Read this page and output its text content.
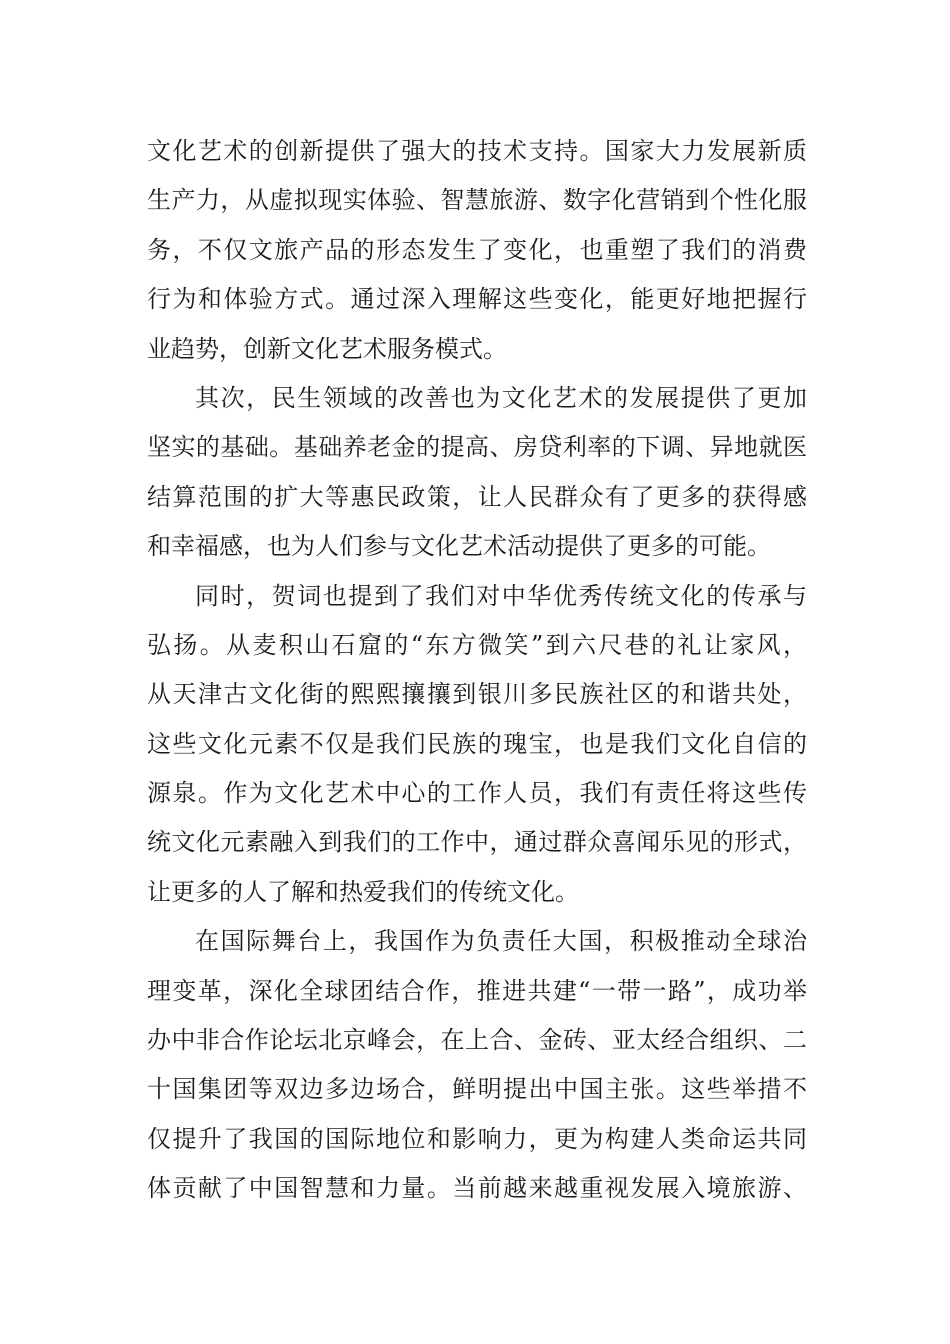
文化艺术的创新提供了强大的技术支持。国家大力发展新质
生产力，从虚拟现实体验、智慧旅游、数字化营销到个性化服
务，不仅文旅产品的形态发生了变化，也重塑了我们的消费
行为和体验方式。通过深入理解这些变化，能更好地把握行
业趋势，创新文化艺术服务模式。
其次，民生领域的改善也为文化艺术的发展提供了更加
坚实的基础。基础养老金的提高、房贷利率的下调、异地就医
结算范围的扩大等惠民政策，让人民群众有了更多的获得感
和幸福感，也为人们参与文化艺术活动提供了更多的可能。
同时，贺词也提到了我们对中华优秀传统文化的传承与
弘扬。从麦积山石窟的“东方微笑”到六尺巷的礼让家风，
从天津古文化街的熙熙攘攘到银川多民族社区的和谐共处，
这些文化元素不仅是我们民族的瑰宝，也是我们文化自信的
源泉。作为文化艺术中心的工作人员，我们有责任将这些传
统文化元素融入到我们的工作中，通过群众喜闻乐见的形式，
让更多的人了解和热爱我们的传统文化。
在国际舞台上，我国作为负责任大国，积极推动全球治
理变革，深化全球团结合作，推进共建“一带一路”，成功举
办中非合作论坛北京峰会，在上合、金砖、亚太经合组织、二
十国集团等双边多边场合，鲜明提出中国主张。这些举措不
仅提升了我国的国际地位和影响力，更为构建人类命运共同
体贡献了中国智慧和力量。当前越来越重视发展入境旅游、
